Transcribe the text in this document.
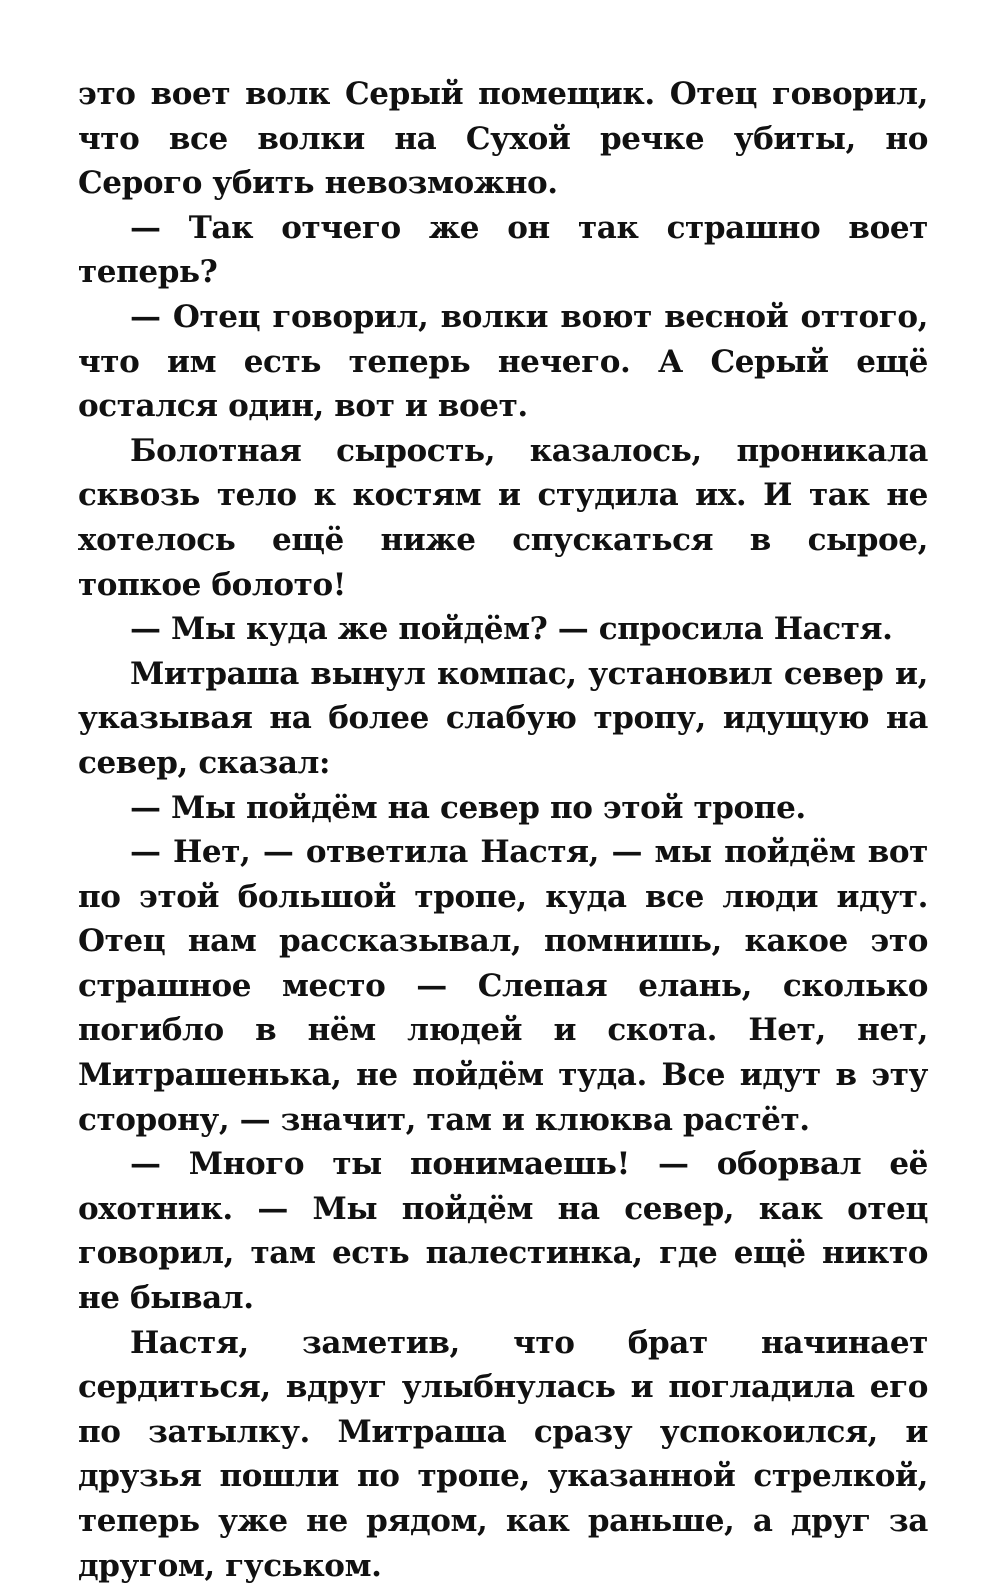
это воет волк Серый помещик. Отец говорил, что все волки на Сухой речке убиты, но Серого убить невозможно.

— Так отчего же он так страшно воет теперь?

— Отец говорил, волки воют весной оттого, что им есть теперь нечего. А Серый ещё остался один, вот и воет.

Болотная сырость, казалось, проникала сквозь тело к костям и студила их. И так не хотелось ещё ниже спускаться в сырое, топкое болото!

— Мы куда же пойдём? — спросила Настя.

Митраша вынул компас, установил север и, указывая на более слабую тропу, идущую на север, сказал:

— Мы пойдём на север по этой тропе.

— Нет, — ответила Настя, — мы пойдём вот по этой большой тропе, куда все люди идут. Отец нам рассказывал, помнишь, какое это страшное место — Слепая елань, сколько погибло в нём людей и скота. Нет, нет, Митрашенька, не пойдём туда. Все идут в эту сторону, — значит, там и клюква растёт.

— Много ты понимаешь! — оборвал её охотник. — Мы пойдём на север, как отец говорил, там есть палестинка, где ещё никто не бывал.

Настя, заметив, что брат начинает сердиться, вдруг улыбнулась и погладила его по затылку. Митраша сразу успокоился, и друзья пошли по тропе, указанной стрелкой, теперь уже не рядом, как раньше, а друг за другом, гуськом.
